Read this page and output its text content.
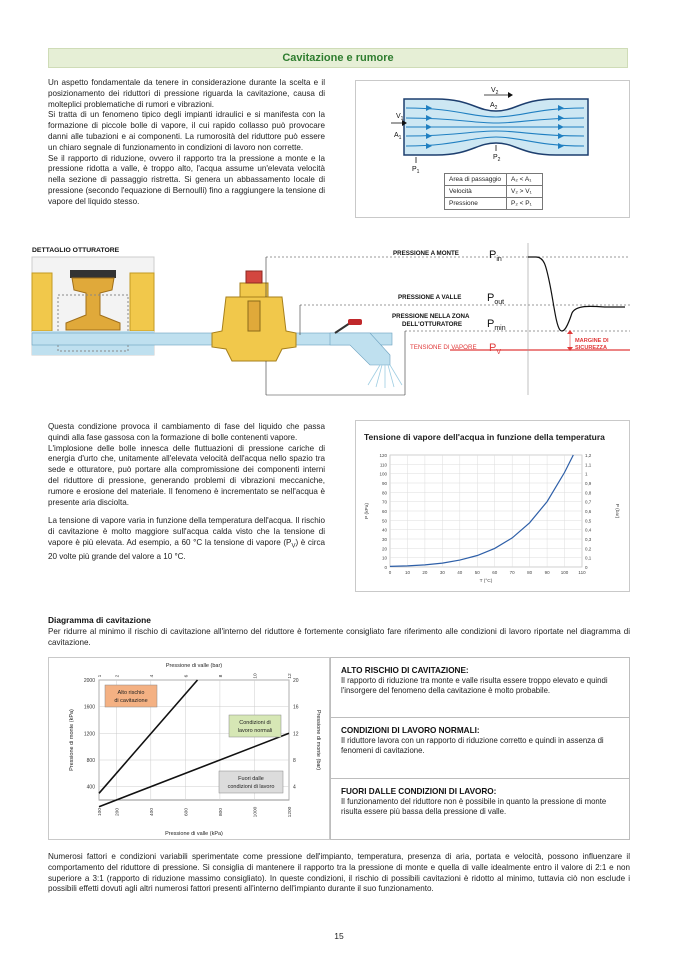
Cavitazione e rumore

Un aspetto fondamentale da tenere in considerazione durante la scelta e il posizionamento dei riduttori di pressione riguarda la cavitazione, causa di molteplici problematiche di rumori e vibrazioni.

Si tratta di un fenomeno tipico degli impianti idraulici e si manifesta con la formazione di piccole bolle di vapore, il cui rapido collasso può provocare danni alle tubazioni e ai componenti. La rumorosità del riduttore può essere un chiaro segnale di funzionamento in condizioni di lavoro non corrette.

Se il rapporto di riduzione, ovvero il rapporto tra la pressione a monte e la pressione ridotta a valle, è troppo alto, l'acqua assume un'elevata velocità nella sezione di passaggio ristretta. Si genera un abbassamento locale di pressione (secondo l'equazione di Bernoulli) fino a raggiungere la tensione di vapore del liquido stesso.

$V_2$
$A_2$
$V_1$
$A_1$
$P_2$
$P_1$
Area di passaggio	A₂ < A₁
Velocità	V₂ > V₁
Pressione	P₂ < P₁
DETTAGLIO OTTURATORE	PRESSIONE A MONTE
PRESSIONE A VALLE
PRESSIONE NELLA ZONA
DELL'OTTURATORE
TENSIONE DI VAPORE
$P_{in}$
$P_{out}$
$P_{min}$
$P_V$
MARGINE DI
SICUREZZA

Questa condizione provoca il cambiamento di fase del liquido che passa quindi alla fase gassosa con la formazione di bolle contenenti vapore.

L'implosione delle bolle innesca delle fluttuazioni di pressione cariche di energia d'urto che, unitamente all'elevata velocità dell'acqua nello spazio tra sede e otturatore, può portare alla compromissione dei componenti interni del riduttore di pressione, generando problemi di vibrazioni meccaniche, rumore e erosione del materiale. Il fenomeno è incrementato se nell'acqua è presente aria disciolta.

La tensione di vapore varia in funzione della temperatura dell'acqua. Il rischio di cavitazione è molto maggiore sull'acqua calda visto che la tensione di vapore è più elevata. Ad esempio, a 60 °C la tensione di vapore $(P_V)$ è circa 20 volte più grande del valore a 10 °C.

Tensione di vapore dell'acqua in funzione della temperatura
0	0
10	0,1
20	0,2
30	0,3
40	0,4
50	0,5
60	0,6
70	0,7
80	0,8
90	0,9
100	1
110	1,1
120	1,2
0	10	20	30	40	50	60	70	80	90 100 110
T (°C)
P (kPa)	P (bar)
Diagramma di cavitazione
Per ridurre al minimo il rischio di cavitazione all'interno del riduttore è fortemente consigliato fare riferimento alle condizioni di lavoro riportate nel diagramma di cavitazione.
100	200	400	600	800	1000	1200
1	2	4	6	8	10	12
400	4
800	8
1200	12
1600	16
2000	20
Pressione di valle (bar)
Pressione di valle (kPa)
Pressione di monte (kPa)	Pressione di monte (bar)
Alto rischio
di cavitazione
Condizioni di
lavoro normali
Fuori dalle
condizioni di lavoro
ALTO RISCHIO DI CAVITAZIONE:
Il rapporto di riduzione tra monte e valle risulta essere troppo elevato e quindi l'insorgere del fenomeno della cavitazione è molto probabile.
CONDIZIONI DI LAVORO NORMALI:
Il riduttore lavora con un rapporto di riduzione corretto e quindi in assenza di fenomeni di cavitazione.
FUORI DALLE CONDIZIONI DI LAVORO:
Il funzionamento del riduttore non è possibile in quanto la pressione di monte risulta essere più bassa della pressione di valle.
Numerosi fattori e condizioni variabili sperimentate come pressione dell'impianto, temperatura, presenza di aria, portata e velocità, possono influenzare il comportamento del riduttore di pressione. Si consiglia di mantenere il rapporto tra la pressione di monte e quella di valle idealmente entro il valore di 2:1 e non superiore a 3:1 (rapporto di riduzione massimo consigliato). In queste condizioni, il rischio di possibili cavitazioni è ridotto al minimo, tuttavia ciò non esclude i possibili effetti dovuti agli altri numerosi fattori presenti all'interno dell'impianto durante il suo funzionamento.
15
